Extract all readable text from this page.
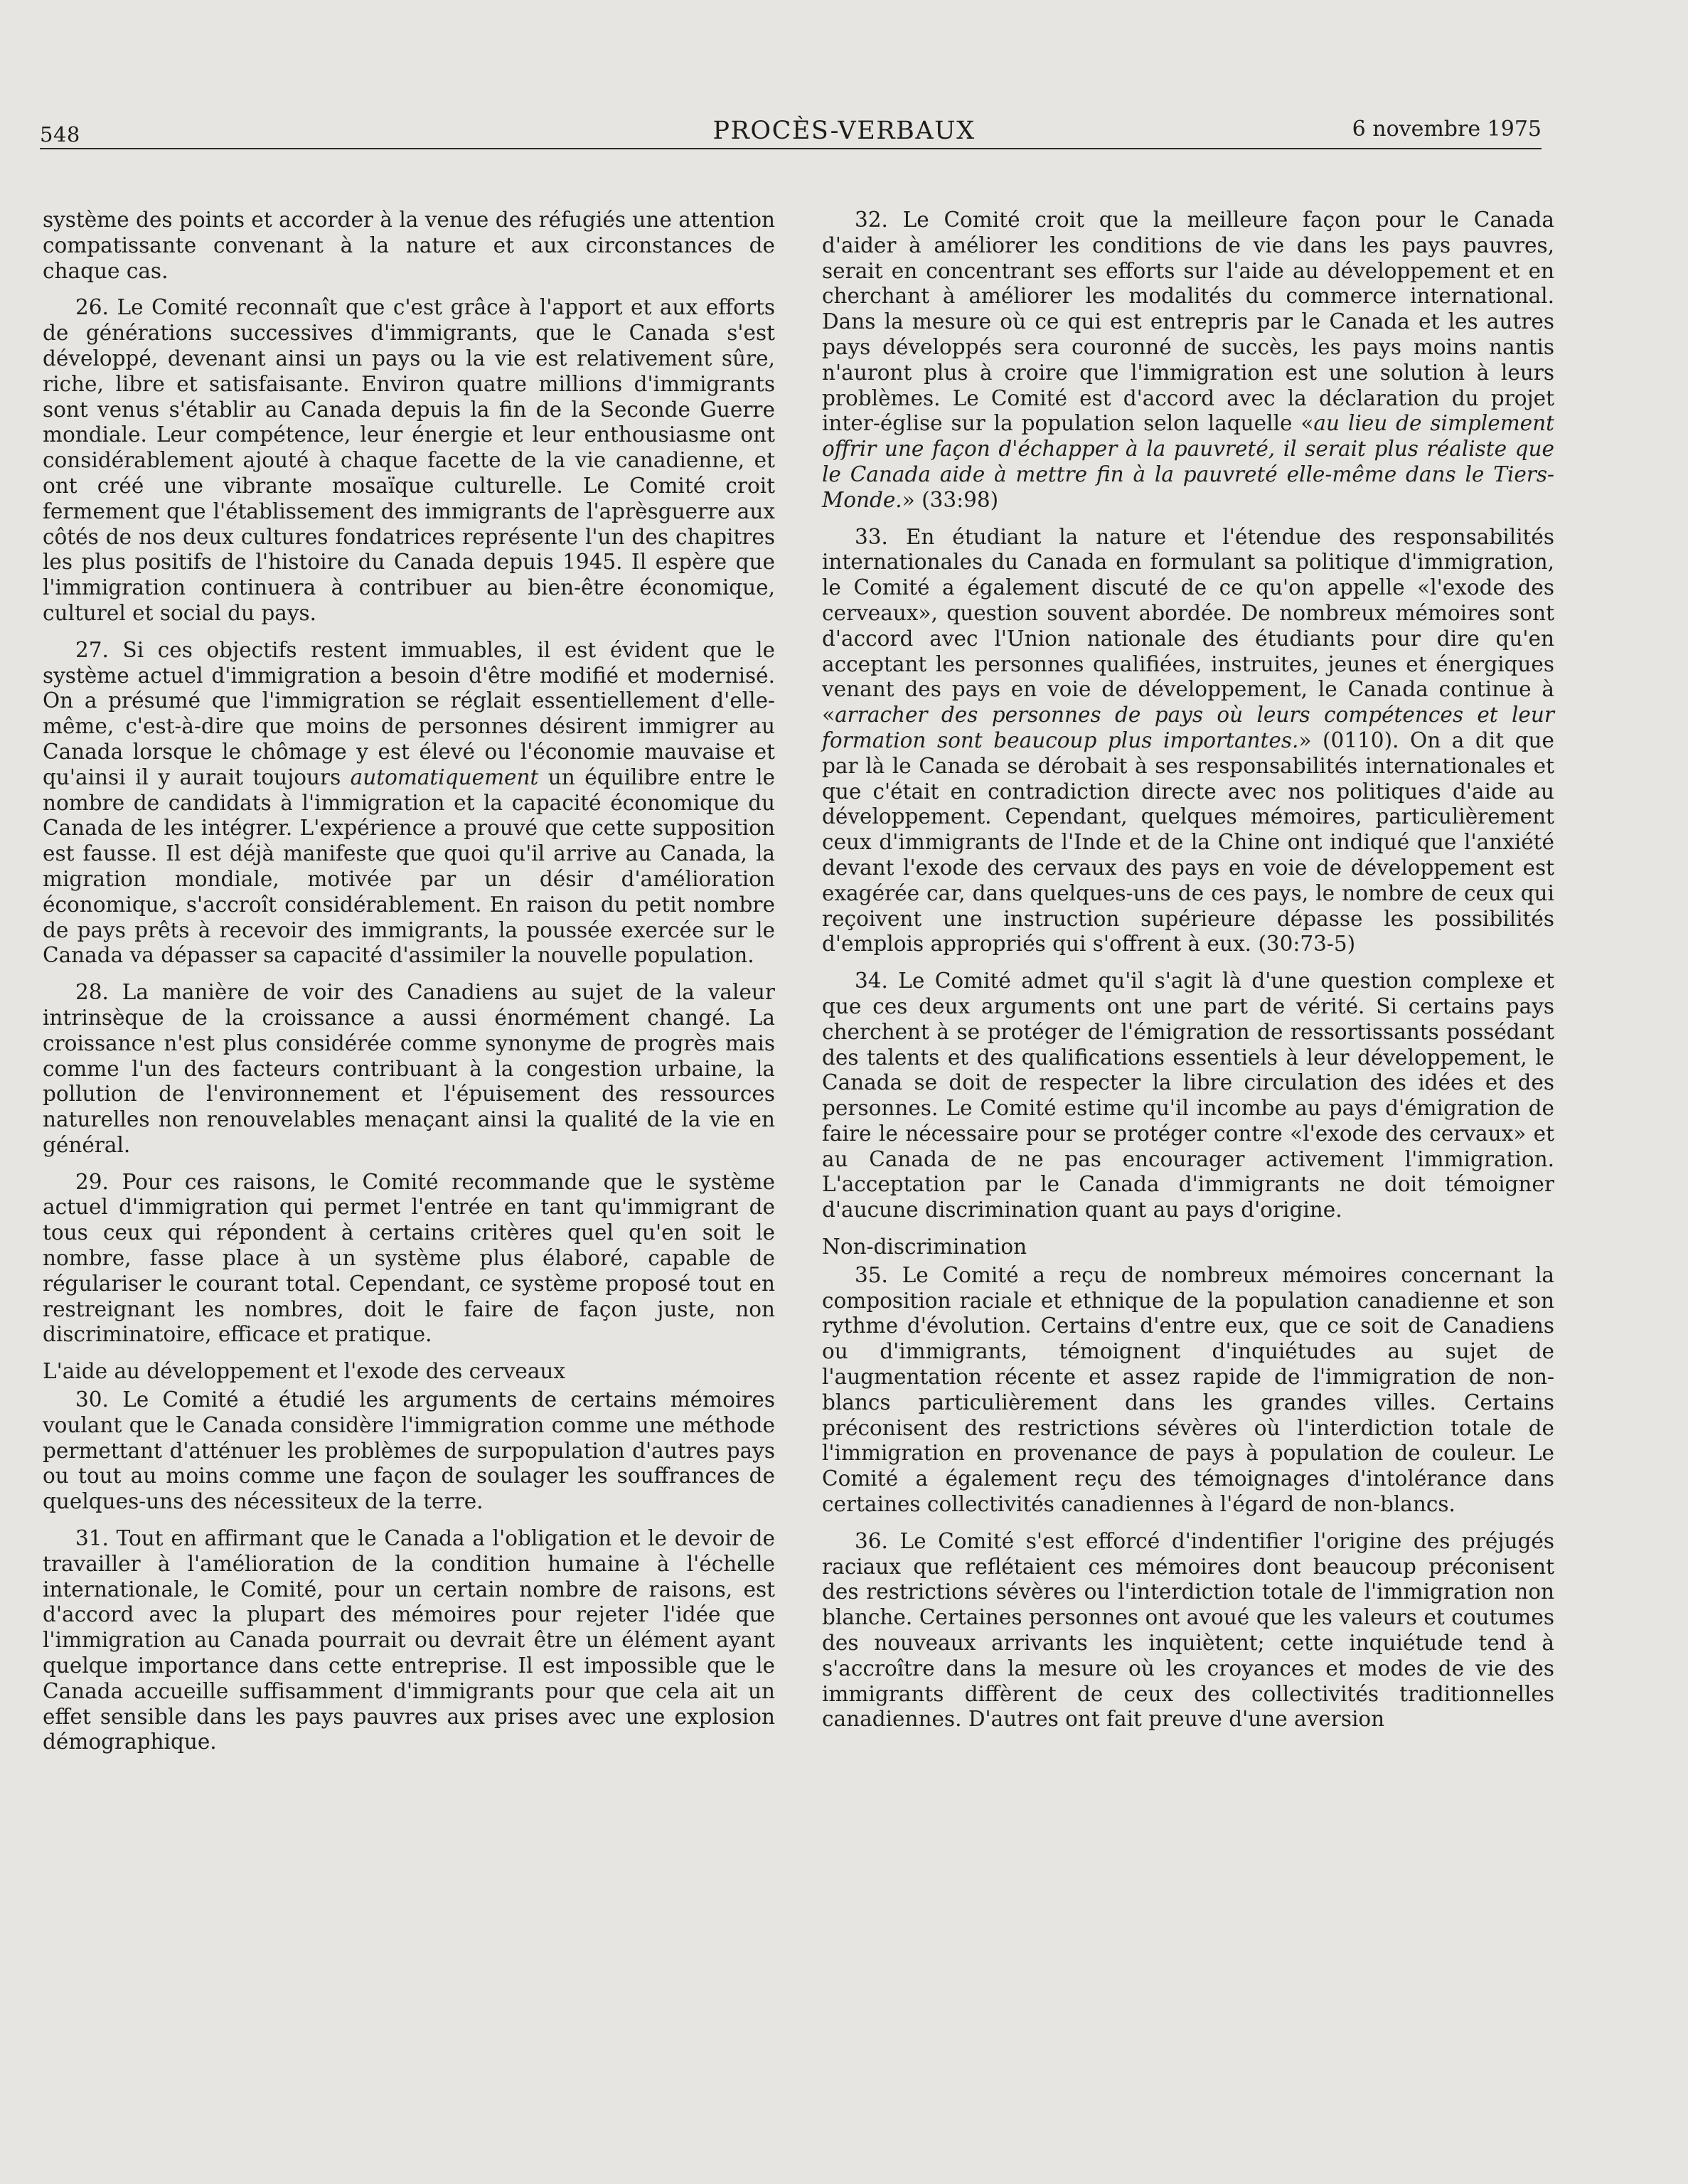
548	PROCÈS-VERBAUX	6 novembre 1975

système des points et accorder à la venue des réfugiés une attention compatissante convenant à la nature et aux circonstances de chaque cas.

26. Le Comité reconnaît que c'est grâce à l'apport et aux efforts de générations successives d'immigrants, que le Canada s'est développé, devenant ainsi un pays ou la vie est relativement sûre, riche, libre et satisfaisante. Environ quatre millions d'immigrants sont venus s'établir au Canada depuis la fin de la Seconde Guerre mondiale. Leur compétence, leur énergie et leur enthousiasme ont considérablement ajouté à chaque facette de la vie canadienne, et ont créé une vibrante mosaïque culturelle. Le Comité croit fermement que l'établissement des immigrants de l'aprèsguerre aux côtés de nos deux cultures fondatrices représente l'un des chapitres les plus positifs de l'histoire du Canada depuis 1945. Il espère que l'immigration continuera à contribuer au bien-être économique, culturel et social du pays.

27. Si ces objectifs restent immuables, il est évident que le système actuel d'immigration a besoin d'être modifié et modernisé. On a présumé que l'immigration se réglait essentiellement d'elle-même, c'est-à-dire que moins de personnes désirent immigrer au Canada lorsque le chômage y est élevé ou l'économie mauvaise et qu'ainsi il y aurait toujours automatiquement un équilibre entre le nombre de candidats à l'immigration et la capacité économique du Canada de les intégrer. L'expérience a prouvé que cette supposition est fausse. Il est déjà manifeste que quoi qu'il arrive au Canada, la migration mondiale, motivée par un désir d'amélioration économique, s'accroît considérablement. En raison du petit nombre de pays prêts à recevoir des immigrants, la poussée exercée sur le Canada va dépasser sa capacité d'assimiler la nouvelle population.

28. La manière de voir des Canadiens au sujet de la valeur intrinsèque de la croissance a aussi énormément changé. La croissance n'est plus considérée comme synonyme de progrès mais comme l'un des facteurs contribuant à la congestion urbaine, la pollution de l'environnement et l'épuisement des ressources naturelles non renouvelables menaçant ainsi la qualité de la vie en général.

29. Pour ces raisons, le Comité recommande que le système actuel d'immigration qui permet l'entrée en tant qu'immigrant de tous ceux qui répondent à certains critères quel qu'en soit le nombre, fasse place à un système plus élaboré, capable de régulariser le courant total. Cependant, ce système proposé tout en restreignant les nombres, doit le faire de façon juste, non discriminatoire, efficace et pratique.

L'aide au développement et l'exode des cerveaux

30. Le Comité a étudié les arguments de certains mémoires voulant que le Canada considère l'immigration comme une méthode permettant d'atténuer les problèmes de surpopulation d'autres pays ou tout au moins comme une façon de soulager les souffrances de quelques-uns des nécessiteux de la terre.

31. Tout en affirmant que le Canada a l'obligation et le devoir de travailler à l'amélioration de la condition humaine à l'échelle internationale, le Comité, pour un certain nombre de raisons, est d'accord avec la plupart des mémoires pour rejeter l'idée que l'immigration au Canada pourrait ou devrait être un élément ayant quelque importance dans cette entreprise. Il est impossible que le Canada accueille suffisamment d'immigrants pour que cela ait un effet sensible dans les pays pauvres aux prises avec une explosion démographique.

32. Le Comité croit que la meilleure façon pour le Canada d'aider à améliorer les conditions de vie dans les pays pauvres, serait en concentrant ses efforts sur l'aide au développement et en cherchant à améliorer les modalités du commerce international. Dans la mesure où ce qui est entrepris par le Canada et les autres pays développés sera couronné de succès, les pays moins nantis n'auront plus à croire que l'immigration est une solution à leurs problèmes. Le Comité est d'accord avec la déclaration du projet inter-église sur la population selon laquelle «au lieu de simplement offrir une façon d'échapper à la pauvreté, il serait plus réaliste que le Canada aide à mettre fin à la pauvreté elle-même dans le Tiers-Monde.» (33:98)

33. En étudiant la nature et l'étendue des responsabilités internationales du Canada en formulant sa politique d'immigration, le Comité a également discuté de ce qu'on appelle «l'exode des cerveaux», question souvent abordée. De nombreux mémoires sont d'accord avec l'Union nationale des étudiants pour dire qu'en acceptant les personnes qualifiées, instruites, jeunes et énergiques venant des pays en voie de développement, le Canada continue à «arracher des personnes de pays où leurs compétences et leur formation sont beaucoup plus importantes.» (0110). On a dit que par là le Canada se dérobait à ses responsabilités internationales et que c'était en contradiction directe avec nos politiques d'aide au développement. Cependant, quelques mémoires, particulièrement ceux d'immigrants de l'Inde et de la Chine ont indiqué que l'anxiété devant l'exode des cervaux des pays en voie de développement est exagérée car, dans quelques-uns de ces pays, le nombre de ceux qui reçoivent une instruction supérieure dépasse les possibilités d'emplois appropriés qui s'offrent à eux. (30:73-5)

34. Le Comité admet qu'il s'agit là d'une question complexe et que ces deux arguments ont une part de vérité. Si certains pays cherchent à se protéger de l'émigration de ressortissants possédant des talents et des qualifications essentiels à leur développement, le Canada se doit de respecter la libre circulation des idées et des personnes. Le Comité estime qu'il incombe au pays d'émigration de faire le nécessaire pour se protéger contre «l'exode des cervaux» et au Canada de ne pas encourager activement l'immigration. L'acceptation par le Canada d'immigrants ne doit témoigner d'aucune discrimination quant au pays d'origine.

Non-discrimination

35. Le Comité a reçu de nombreux mémoires concernant la composition raciale et ethnique de la population canadienne et son rythme d'évolution. Certains d'entre eux, que ce soit de Canadiens ou d'immigrants, témoignent d'inquiétudes au sujet de l'augmentation récente et assez rapide de l'immigration de non-blancs particulièrement dans les grandes villes. Certains préconisent des restrictions sévères où l'interdiction totale de l'immigration en provenance de pays à population de couleur. Le Comité a également reçu des témoignages d'intolérance dans certaines collectivités canadiennes à l'égard de non-blancs.

36. Le Comité s'est efforcé d'indentifier l'origine des préjugés raciaux que reflétaient ces mémoires dont beaucoup préconisent des restrictions sévères ou l'interdiction totale de l'immigration non blanche. Certaines personnes ont avoué que les valeurs et coutumes des nouveaux arrivants les inquiètent; cette inquiétude tend à s'accroître dans la mesure où les croyances et modes de vie des immigrants diffèrent de ceux des collectivités traditionnelles canadiennes. D'autres ont fait preuve d'une aversion
